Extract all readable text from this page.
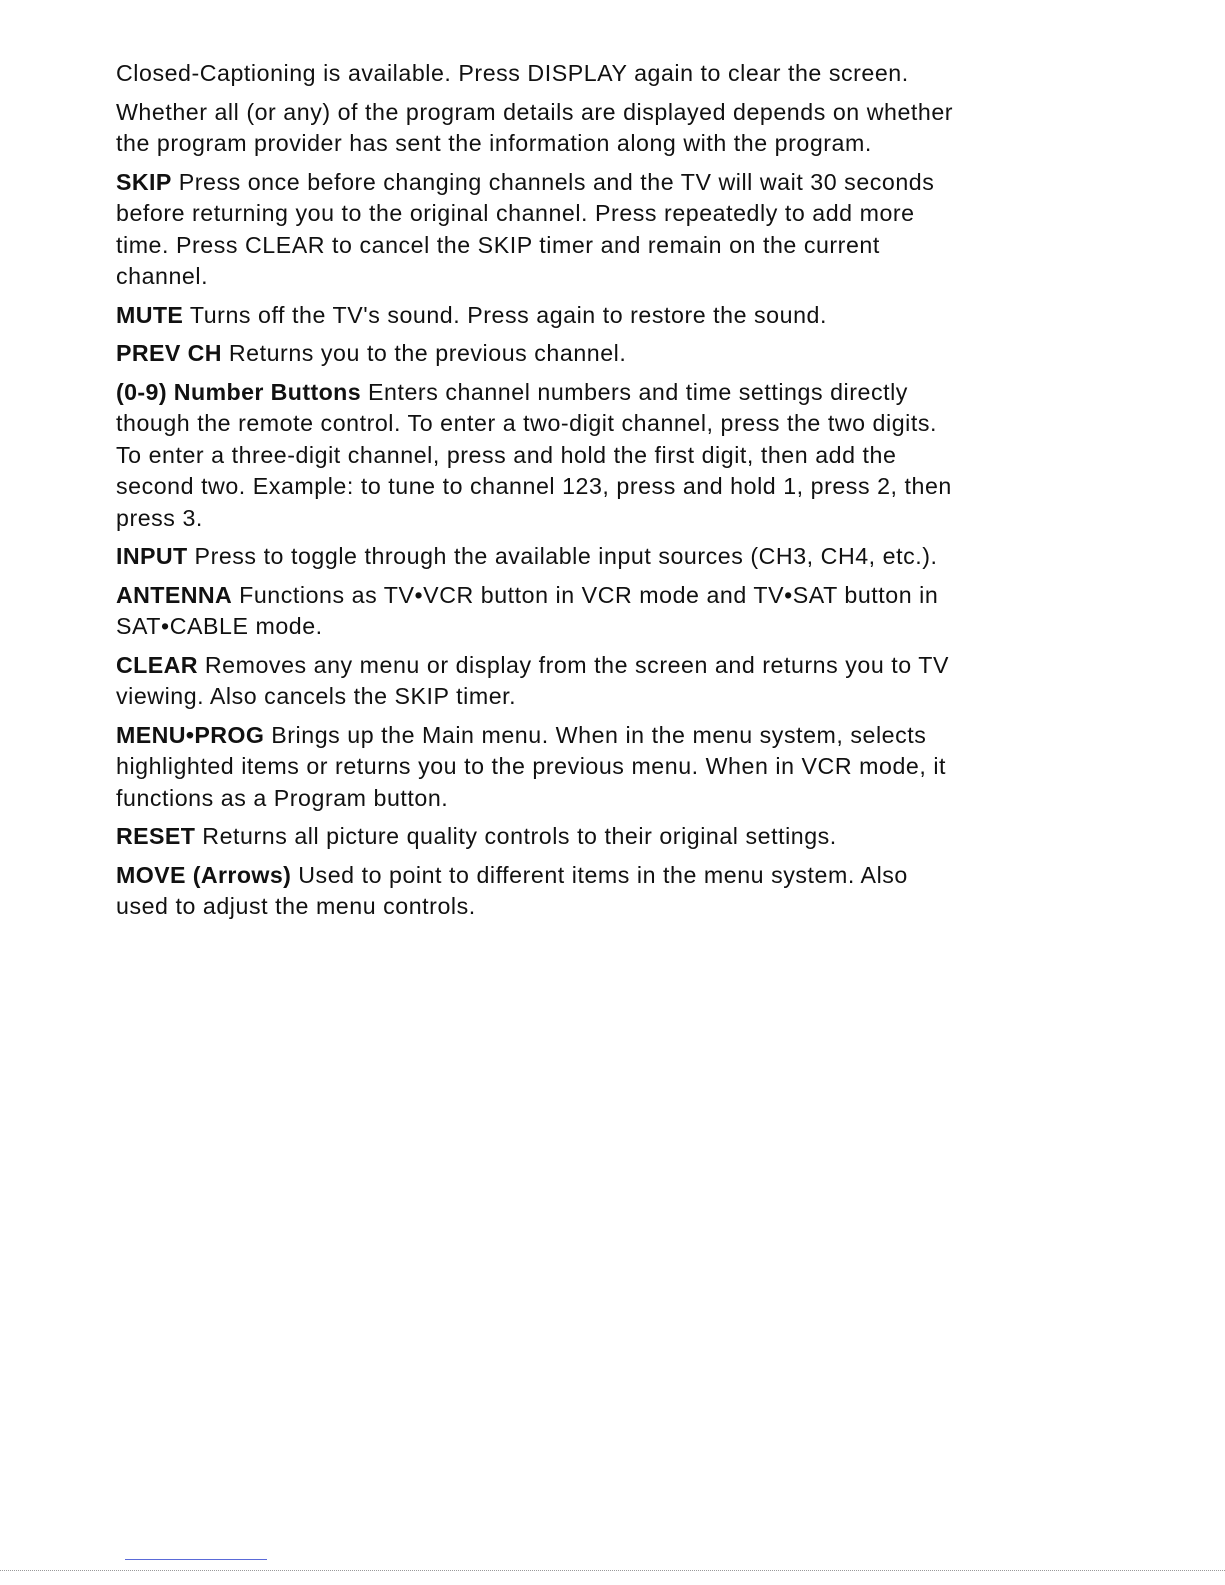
Closed-Captioning is available. Press DISPLAY again to clear the screen.

Whether all (or any) of the program details are displayed depends on whether
the program provider has sent the information along with the program.

SKIP Press once before changing channels and the TV will wait 30 seconds
before returning you to the original channel. Press repeatedly to add more
time. Press CLEAR to cancel the SKIP timer and remain on the current
channel.

MUTE Turns off the TV's sound. Press again to restore the sound.

PREV CH Returns you to the previous channel.

(0-9) Number Buttons Enters channel numbers and time settings directly
though the remote control. To enter a two-digit channel, press the two digits.
To enter a three-digit channel, press and hold the first digit, then add the
second two. Example: to tune to channel 123, press and hold 1, press 2, then
press 3.

INPUT Press to toggle through the available input sources (CH3, CH4, etc.).

ANTENNA Functions as TV•VCR button in VCR mode and TV•SAT button in
SAT•CABLE mode.

CLEAR Removes any menu or display from the screen and returns you to TV
viewing. Also cancels the SKIP timer.

MENU•PROG Brings up the Main menu. When in the menu system, selects
highlighted items or returns you to the previous menu. When in VCR mode, it
functions as a Program button.

RESET Returns all picture quality controls to their original settings.

MOVE (Arrows) Used to point to different items in the menu system. Also
used to adjust the menu controls.
